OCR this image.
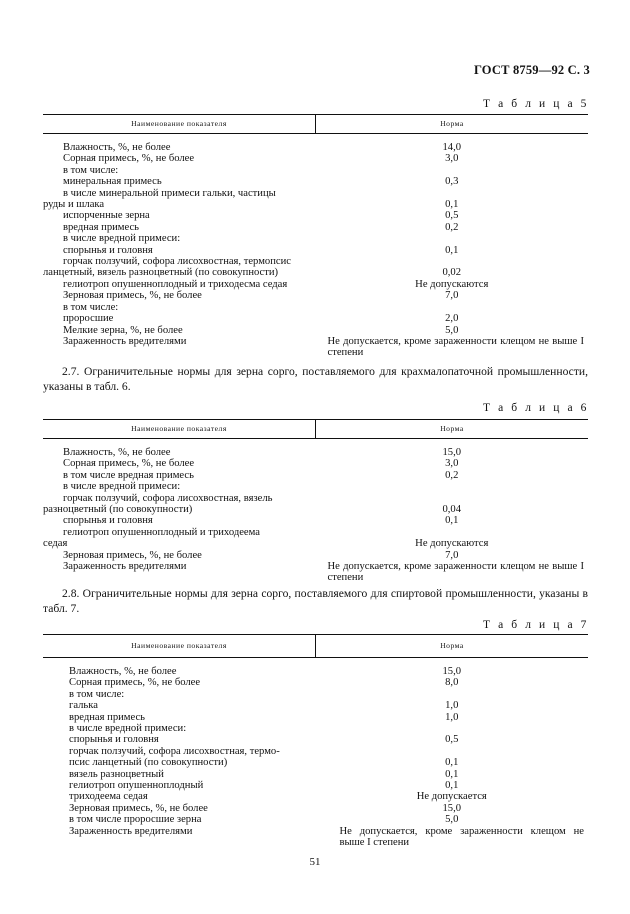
ГОСТ 8759—92 С. 3
Т а б л и ц а 5
Наименование показателя	Норма

Влажность, %, не более	14,0
Сорная примесь, %, не более	3,0
в том числе:	
минеральная примесь	0,3
в числе минеральной примеси гальки, частицы	
руды и шлака	0,1
испорченные зерна	0,5
вредная примесь	0,2
в числе вредной примеси:	
спорынья и головня	0,1
горчак ползучий, софора лисохвостная, термопсис	
ланцетный, вязель разноцветный (по совокупности)	0,02
гелиотроп опушенноплодный и триходесма седая	Не допускаются
Зерновая примесь, %, не более	7,0
в том числе:	
проросшие	2,0
Мелкие зерна, %, не более	5,0
Зараженность вредителями	Не допускается, кроме зараженности клещом не выше I степени
2.7. Ограничительные нормы для зерна сорго, поставляемого для крахмалопаточной промышленности, указаны в табл. 6.
Т а б л и ц а 6
Наименование показателя	Норма

Влажность, %, не более	15,0
Сорная примесь, %, не более	3,0
в том числе вредная примесь	0,2
в числе вредной примеси:	
горчак ползучий, софора лисохвостная, вязель	
разноцветный (по совокупности)	0,04
спорынья и головня	0,1
гелиотроп опушенноплодный и триходеема	
седая	Не допускаются
Зерновая примесь, %, не более	7,0
Зараженность вредителями	Не допускается, кроме зараженности клещом не выше I степени
2.8. Ограничительные нормы для зерна сорго, поставляемого для спиртовой промышленности, указаны в табл. 7.
Т а б л и ц а 7
Наименование показателя	Норма

Влажность, %, не более	15,0
Сорная примесь, %, не более	8,0
в том числе:	
галька	1,0
вредная примесь	1,0
в числе вредной примеси:	
спорынья и головня	0,5
горчак ползучий, софора лисохвостная, термо-	
псис ланцетный (по совокупности)	0,1
вязель разноцветный	0,1
гелиотроп опушенноплодный	0,1
триходеема седая	Не допускается
Зерновая примесь, %, не более	15,0
в том числе проросшие зерна	5,0
Зараженность вредителями	Не допускается, кроме зараженности клещом не выше I степени
51
